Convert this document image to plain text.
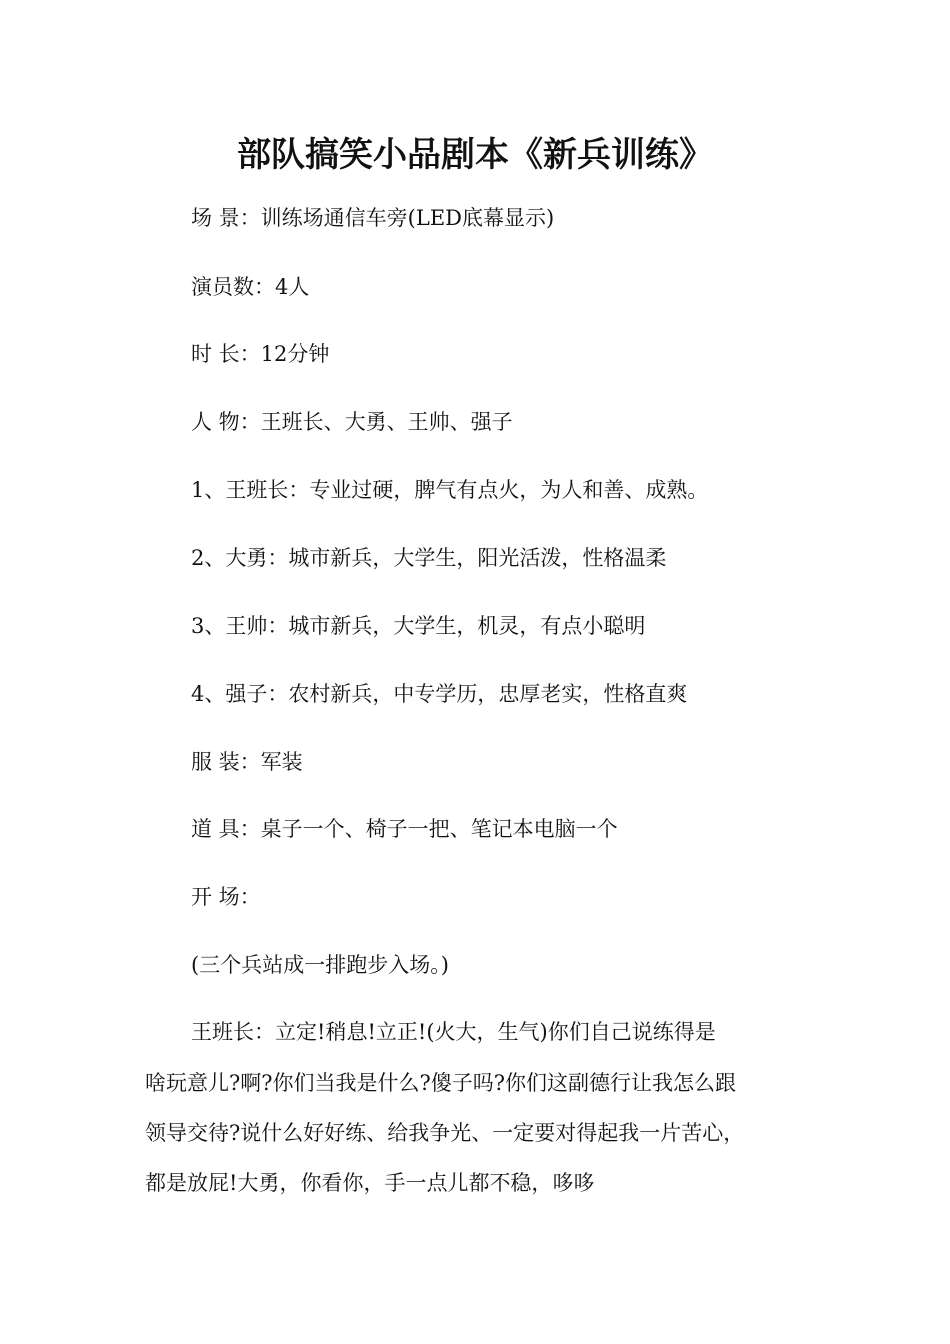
部队搞笑小品剧本《新兵训练》
场 景：训练场通信车旁(LED底幕显示)
演员数：4人
时 长：12分钟
人 物：王班长、大勇、王帅、强子
1、王班长：专业过硬，脾气有点火，为人和善、成熟。
2、大勇：城市新兵，大学生，阳光活泼，性格温柔
3、王帅：城市新兵，大学生，机灵，有点小聪明
4、强子：农村新兵，中专学历，忠厚老实，性格直爽
服 装：军装
道 具：桌子一个、椅子一把、笔记本电脑一个
开 场：
(三个兵站成一排跑步入场。)
王班长：立定!稍息!立正!(火大，生气)你们自己说练得是
啥玩意儿?啊?你们当我是什么?傻子吗?你们这副德行让我怎么跟
领导交待?说什么好好练、给我争光、一定要对得起我一片苦心，
都是放屁!大勇，你看你，手一点儿都不稳，哆哆
